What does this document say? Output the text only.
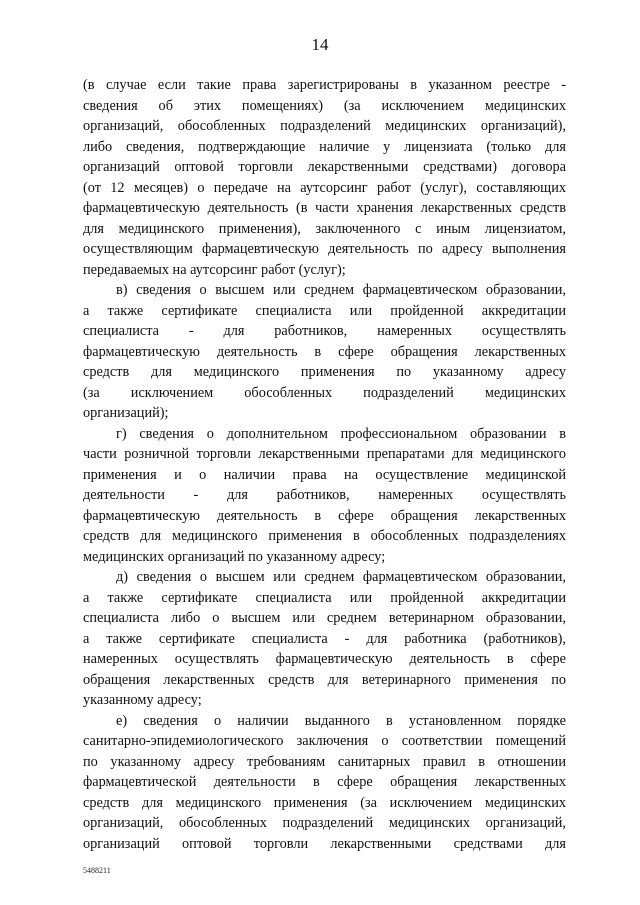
14
(в случае если такие права зарегистрированы в указанном реестре -
сведения об этих помещениях) (за исключением медицинских
организаций, обособленных подразделений медицинских организаций),
либо сведения, подтверждающие наличие у лицензиата (только для
организаций оптовой торговли лекарственными средствами) договора
(от 12 месяцев) о передаче на аутсорсинг работ (услуг), составляющих
фармацевтическую деятельность (в части хранения лекарственных средств
для медицинского применения), заключенного с иным лицензиатом,
осуществляющим фармацевтическую деятельность по адресу выполнения
передаваемых на аутсорсинг работ (услуг);
в) сведения о высшем или среднем фармацевтическом образовании,
а также сертификате специалиста или пройденной аккредитации
специалиста - для работников, намеренных осуществлять
фармацевтическую деятельность в сфере обращения лекарственных
средств для медицинского применения по указанному адресу
(за исключением обособленных подразделений медицинских
организаций);
г) сведения о дополнительном профессиональном образовании в
части розничной торговли лекарственными препаратами для медицинского
применения и о наличии права на осуществление медицинской
деятельности - для работников, намеренных осуществлять
фармацевтическую деятельность в сфере обращения лекарственных
средств для медицинского применения в обособленных подразделениях
медицинских организаций по указанному адресу;
д) сведения о высшем или среднем фармацевтическом образовании,
а также сертификате специалиста или пройденной аккредитации
специалиста либо о высшем или среднем ветеринарном образовании,
а также сертификате специалиста - для работника (работников),
намеренных осуществлять фармацевтическую деятельность в сфере
обращения лекарственных средств для ветеринарного применения по
указанному адресу;
е) сведения о наличии выданного в установленном порядке
санитарно-эпидемиологического заключения о соответствии помещений
по указанному адресу требованиям санитарных правил в отношении
фармацевтической деятельности в сфере обращения лекарственных
средств для медицинского применения (за исключением медицинских
организаций, обособленных подразделений медицинских организаций,
организаций оптовой торговли лекарственными средствами для
5488211
